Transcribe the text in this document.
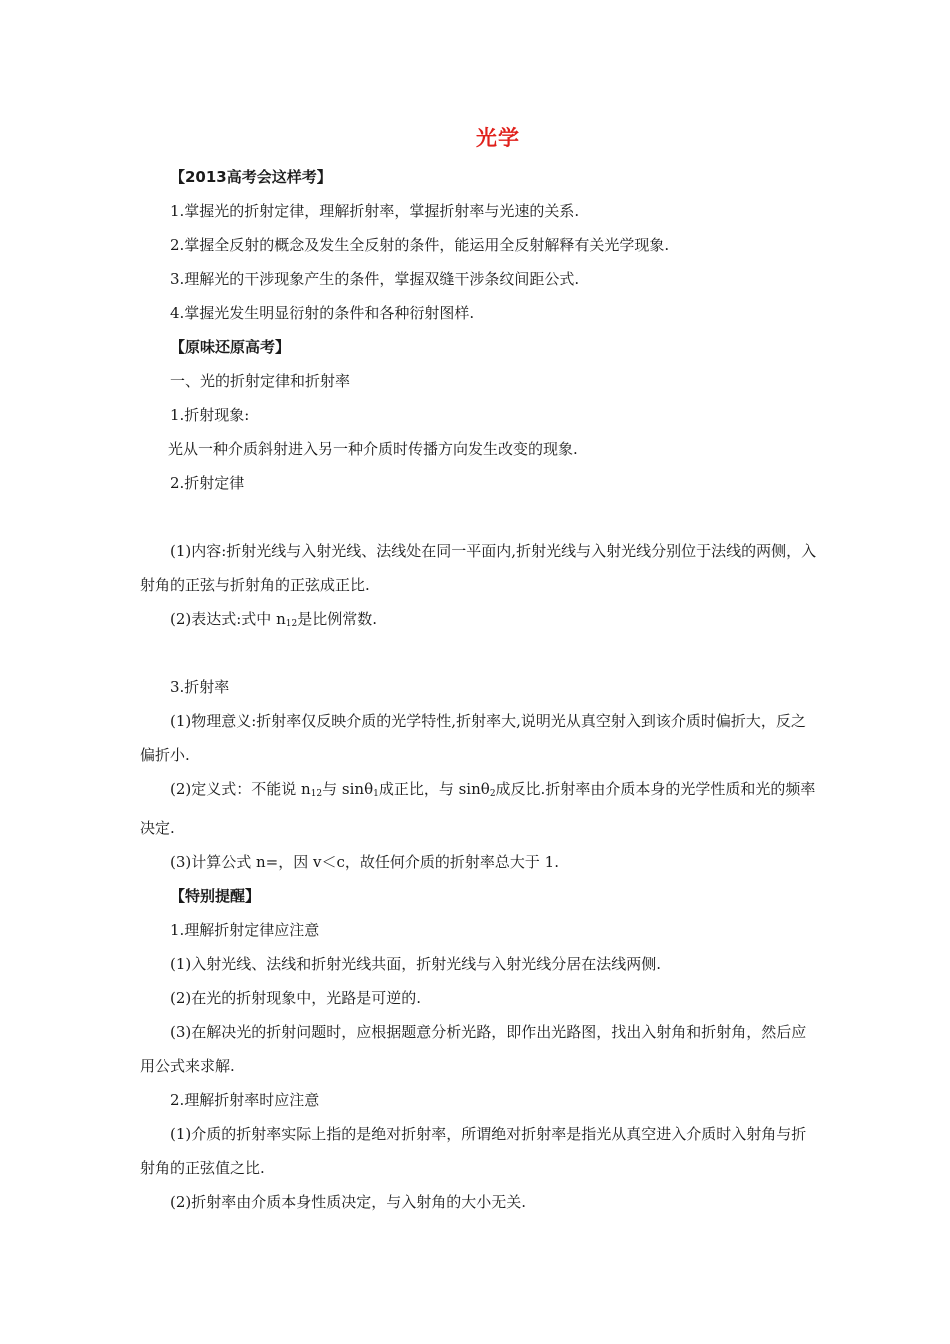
光学
【2013高考会这样考】
1.掌握光的折射定律，理解折射率，掌握折射率与光速的关系.
2.掌握全反射的概念及发生全反射的条件，能运用全反射解释有关光学现象.
3.理解光的干涉现象产生的条件，掌握双缝干涉条纹间距公式.
4.掌握光发生明显衍射的条件和各种衍射图样.
【原味还原高考】
一、光的折射定律和折射率
1.折射现象:
光从一种介质斜射进入另一种介质时传播方向发生改变的现象.
2.折射定律
(1)内容:折射光线与入射光线、法线处在同一平面内,折射光线与入射光线分别位于法线的两侧，入射角的正弦与折射角的正弦成正比.
(2)表达式:式中 $n_{12}$是比例常数.
3.折射率
(1)物理意义:折射率仅反映介质的光学特性,折射率大,说明光从真空射入到该介质时偏折大，反之偏折小.
(2)定义式：不能说 $n_{12}$与 sinθ$_1$成正比，与 sinθ$_2$成反比.折射率由介质本身的光学性质和光的频率决定.
(3)计算公式 n=，因 v＜c，故任何介质的折射率总大于 1.
【特别提醒】
1.理解折射定律应注意
(1)入射光线、法线和折射光线共面，折射光线与入射光线分居在法线两侧.
(2)在光的折射现象中，光路是可逆的.
(3)在解决光的折射问题时，应根据题意分析光路，即作出光路图，找出入射角和折射角，然后应用公式来求解.
2.理解折射率时应注意
(1)介质的折射率实际上指的是绝对折射率，所谓绝对折射率是指光从真空进入介质时入射角与折射角的正弦值之比.
(2)折射率由介质本身性质决定，与入射角的大小无关.
